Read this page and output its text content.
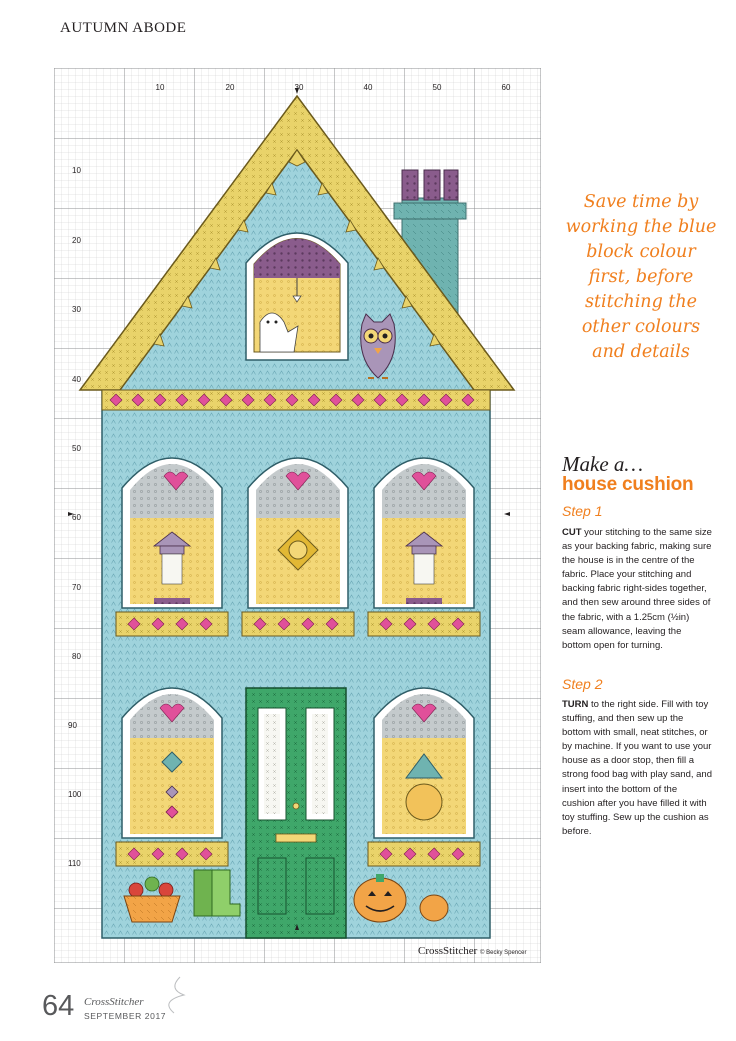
AUTUMN ABODE
10	20	30	40	50	60
10
20
30
40
50
60
70
80
90
100
110
Save time by
working the blue
block colour
first, before
stitching the
other colours
and details
Make a…
house cushion
Step 1
CUT your stitching to the same size as your backing fabric, making sure the house is in the centre of the fabric. Place your stitching and backing fabric right-sides together, and then sew around three sides of the fabric, with a 1.25cm (½in) seam allowance, leaving the bottom open for turning.
Step 2
TURN to the right side. Fill with toy stuffing, and then sew up the bottom with small, neat stitches, or by machine. If you want to use your house as a door stop, then fill a strong food bag with play sand, and insert into the bottom of the cushion after you have filled it with toy stuffing. Sew up the cushion as before.
CrossStitcher © Becky Spencer
64 CrossStitcher
SEPTEMBER 2017
